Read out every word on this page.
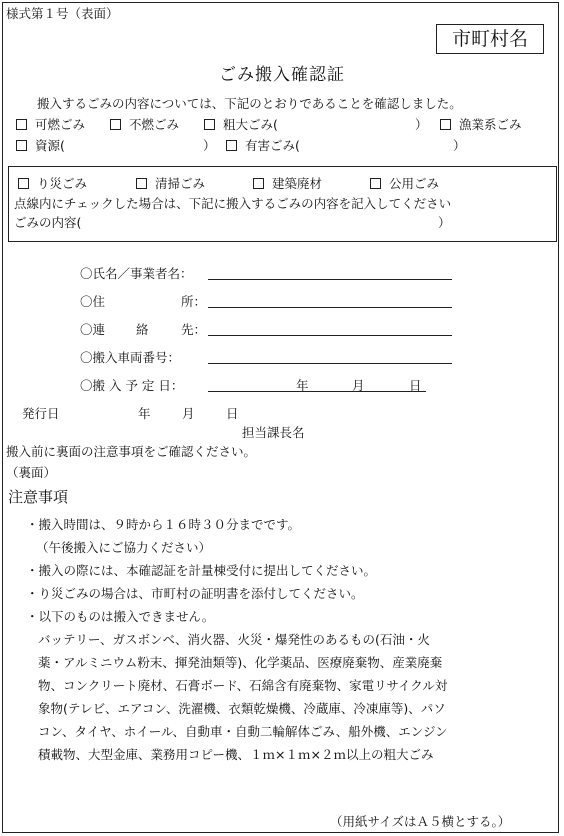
様式第１号（表面）
市町村名
ごみ搬入確認証
搬入するごみの内容については、下記のとおりであることを確認しました。
可燃ごみ	不燃ごみ	粗大ごみ(	）	漁業系ごみ
資源(	）	有害ごみ(	）
り災ごみ	清掃ごみ	建築廃材	公用ごみ
点線内にチェックした場合は、下記に搬入するごみの内容を記入してください
ごみの内容(	）
〇氏名／事業者名：
〇住	所：
〇連 絡	先：
〇搬入車両番号：
〇搬 入 予 定 日：	年	月	日
発行日	年	月	日
担当課長名
搬入前に裏面の注意事項をご確認ください。
（裏面）
注意事項
・搬入時間は、９時から１６時３０分までです。
（午後搬入にご協力ください）
・搬入の際には、本確認証を計量棟受付に提出してください。
・り災ごみの場合は、市町村の証明書を添付してください。
・以下のものは搬入できません。
バッテリー、ガスボンベ、消火器、火災・爆発性のあるもの(石油・火
薬・アルミニウム粉末、揮発油類等)、化学薬品、医療廃棄物、産業廃棄
物、コンクリート廃材、石膏ボード、石綿含有廃棄物、家電リサイクル対
象物(テレビ、エアコン、洗濯機、衣類乾燥機、冷蔵庫、冷凍庫等)、パソ
コン、タイヤ、ホイール、自動車・自動二輪解体ごみ、船外機、エンジン
積載物、大型金庫、業務用コピー機、１ｍ×１ｍ×２ｍ以上の粗大ごみ
（用紙サイズはＡ５横とする。）
